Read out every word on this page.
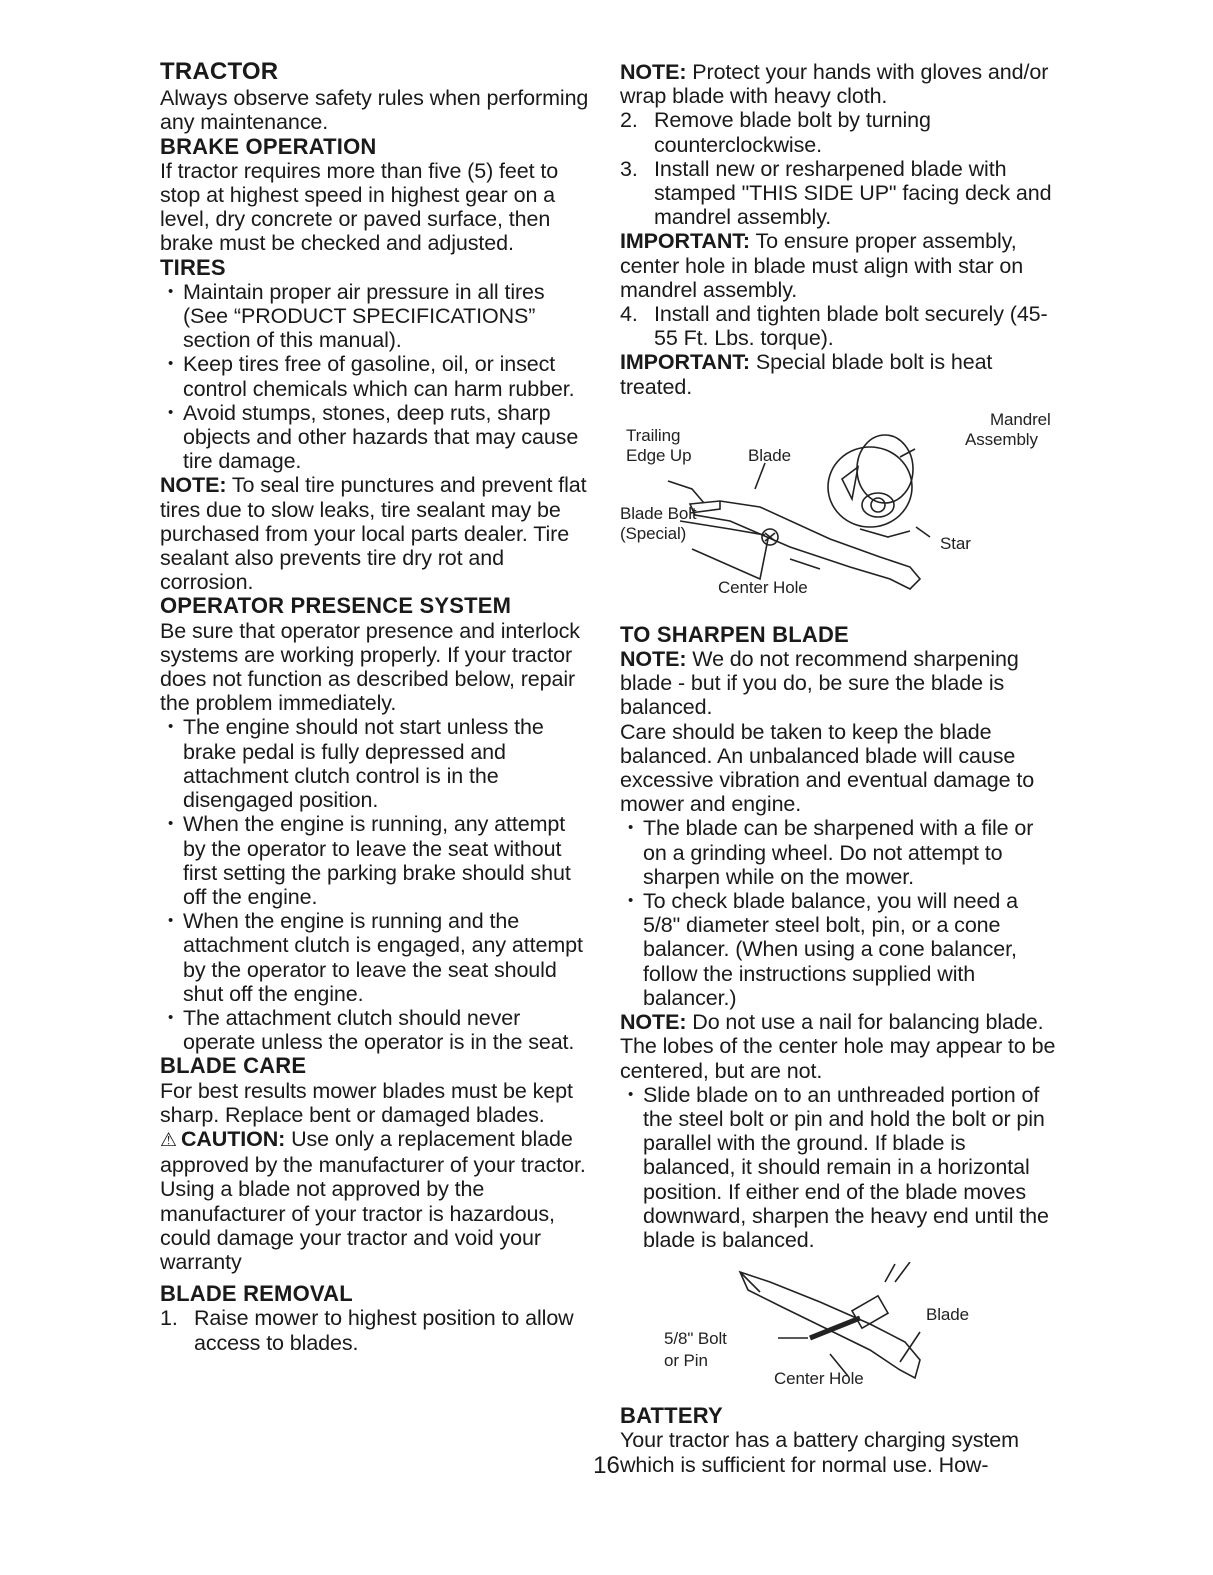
TRACTOR

Always observe safety rules when performing any maintenance.

BRAKE OPERATION

If tractor requires more than five (5) feet to stop at highest speed in highest gear on a level, dry concrete or paved surface, then brake must be checked and adjusted.

TIRES
• Maintain proper air pressure in all tires (See “PRODUCT SPECIFICATIONS” section of this manual).
• Keep tires free of gasoline, oil, or insect control chemicals which can harm rubber.
• Avoid stumps, stones, deep ruts, sharp objects and other hazards that may cause tire damage.

NOTE: To seal tire punctures and prevent flat tires due to slow leaks, tire sealant may be purchased from your local parts dealer. Tire sealant also prevents tire dry rot and corrosion.

OPERATOR PRESENCE SYSTEM

Be sure that operator presence and interlock systems are working properly. If your tractor does not function as described below, repair the problem immediately.

• The engine should not start unless the brake pedal is fully depressed and attachment clutch control is in the disengaged position.
• When the engine is running, any attempt by the operator to leave the seat without first setting the parking brake should shut off the engine.
• When the engine is running and the attachment clutch is engaged, any attempt by the operator to leave the seat should shut off the engine.
• The attachment clutch should never operate unless the operator is in the seat.
BLADE CARE

For best results mower blades must be kept sharp. Replace bent or damaged blades.

⚠ CAUTION: Use only a replacement blade approved by the manufacturer of your tractor. Using a blade not approved by the manufacturer of your tractor is hazardous, could damage your tractor and void your warranty

BLADE REMOVAL
1. Raise mower to highest position to allow access to blades.

NOTE: Protect your hands with gloves and/or wrap blade with heavy cloth.

2. Remove blade bolt by turning counterclockwise.
3. Install new or resharpened blade with stamped "THIS SIDE UP" facing deck and mandrel assembly.

IMPORTANT: To ensure proper assembly, center hole in blade must align with star on mandrel assembly.

4. Install and tighten blade bolt securely (45-55 Ft. Lbs. torque).

IMPORTANT: Special blade bolt is heat treated.

Trailing
Edge Up	Blade
Mandrel
Assembly
Blade Bolt
(Special)
Star
Center Hole
TO SHARPEN BLADE

NOTE: We do not recommend sharpening blade - but if you do, be sure the blade is balanced.

Care should be taken to keep the blade balanced. An unbalanced blade will cause excessive vibration and eventual damage to mower and engine.

• The blade can be sharpened with a file or on a grinding wheel. Do not attempt to sharpen while on the mower.
• To check blade balance, you will need a 5/8" diameter steel bolt, pin, or a cone balancer. (When using a cone balancer, follow the instructions supplied with balancer.)

NOTE: Do not use a nail for balancing blade. The lobes of the center hole may appear to be centered, but are not.

• Slide blade on to an unthreaded portion of the steel bolt or pin and hold the bolt or pin parallel with the ground. If blade is balanced, it should remain in a horizontal position. If either end of the blade moves downward, sharpen the heavy end until the blade is balanced.
Blade
5/8" Bolt
or Pin
Center Hole
BATTERY

Your tractor has a battery charging system which is sufficient for normal use. How-

16
